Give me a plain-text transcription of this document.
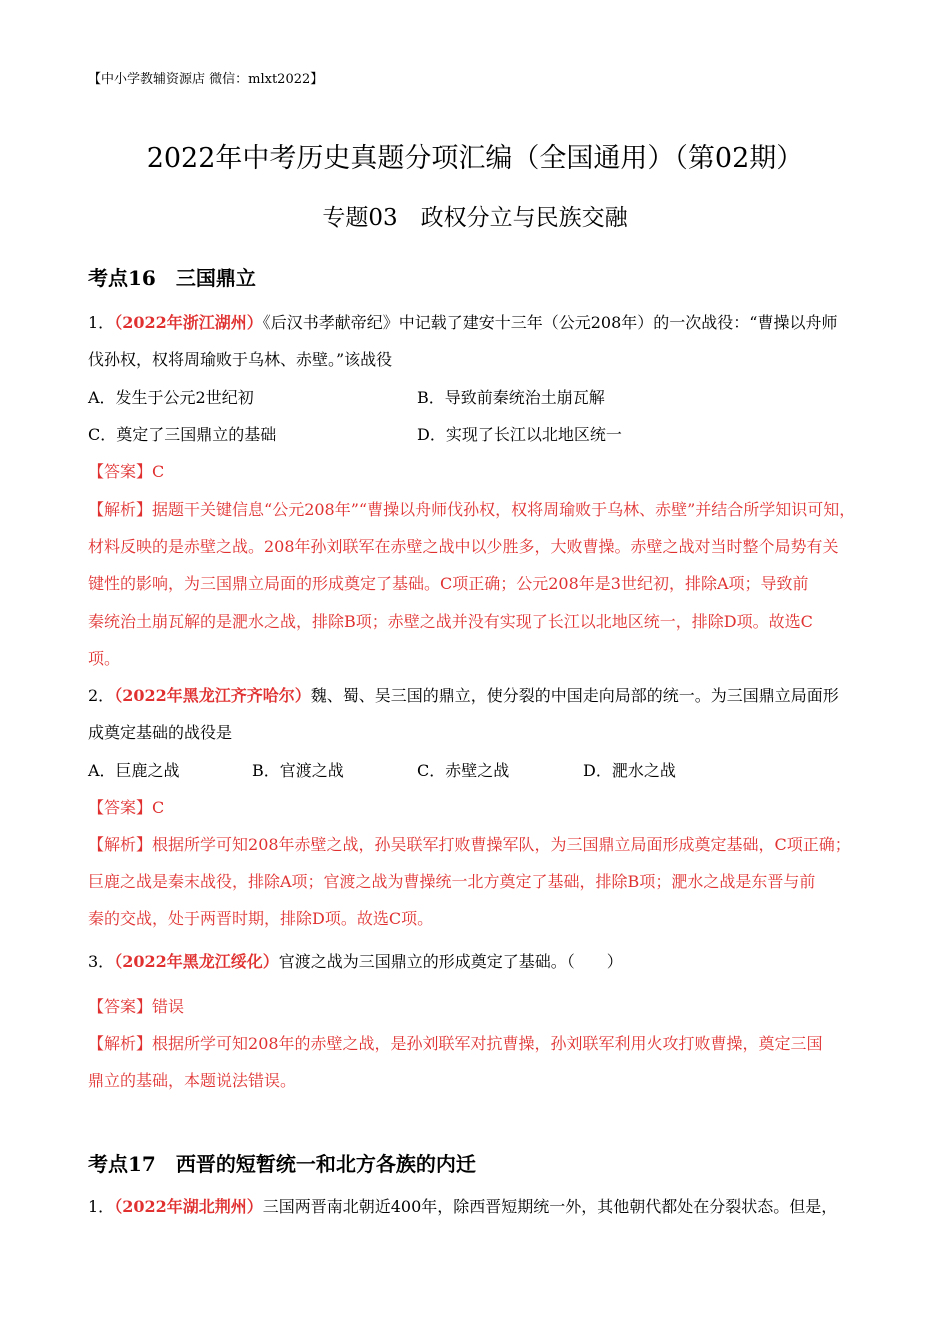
【中小学教辅资源店 微信：mlxt2022】
2022年中考历史真题分项汇编（全国通用）（第02期）
专题03　政权分立与民族交融
考点16　三国鼎立
1．（2022年浙江湖州）《后汉书孝献帝纪》中记载了建安十三年（公元208年）的一次战役：“曹操以舟师
伐孙权，权将周瑜败于乌林、赤壁。”该战役
A．发生于公元2世纪初	B．导致前秦统治土崩瓦解
C．奠定了三国鼎立的基础	D．实现了长江以北地区统一
【答案】C
【解析】据题干关键信息“公元208年”“曹操以舟师伐孙权，权将周瑜败于乌林、赤壁”并结合所学知识可知，
材料反映的是赤壁之战。208年孙刘联军在赤壁之战中以少胜多，大败曹操。赤壁之战对当时整个局势有关
键性的影响，为三国鼎立局面的形成奠定了基础。C项正确；公元208年是3世纪初，排除A项；导致前
秦统治土崩瓦解的是淝水之战，排除B项；赤壁之战并没有实现了长江以北地区统一，排除D项。故选C
项。
2．（2022年黑龙江齐齐哈尔）魏、蜀、吴三国的鼎立，使分裂的中国走向局部的统一。为三国鼎立局面形
成奠定基础的战役是
A．巨鹿之战	B．官渡之战	C．赤壁之战	D．淝水之战
【答案】C
【解析】根据所学可知208年赤壁之战，孙吴联军打败曹操军队，为三国鼎立局面形成奠定基础，C项正确；
巨鹿之战是秦末战役，排除A项；官渡之战为曹操统一北方奠定了基础，排除B项；淝水之战是东晋与前
秦的交战，处于两晋时期，排除D项。故选C项。
3．（2022年黑龙江绥化）官渡之战为三国鼎立的形成奠定了基础。（　　）
【答案】错误
【解析】根据所学可知208年的赤壁之战，是孙刘联军对抗曹操，孙刘联军利用火攻打败曹操，奠定三国
鼎立的基础，本题说法错误。
考点17　西晋的短暂统一和北方各族的内迁
1．（2022年湖北荆州）三国两晋南北朝近400年，除西晋短期统一外，其他朝代都处在分裂状态。但是，
